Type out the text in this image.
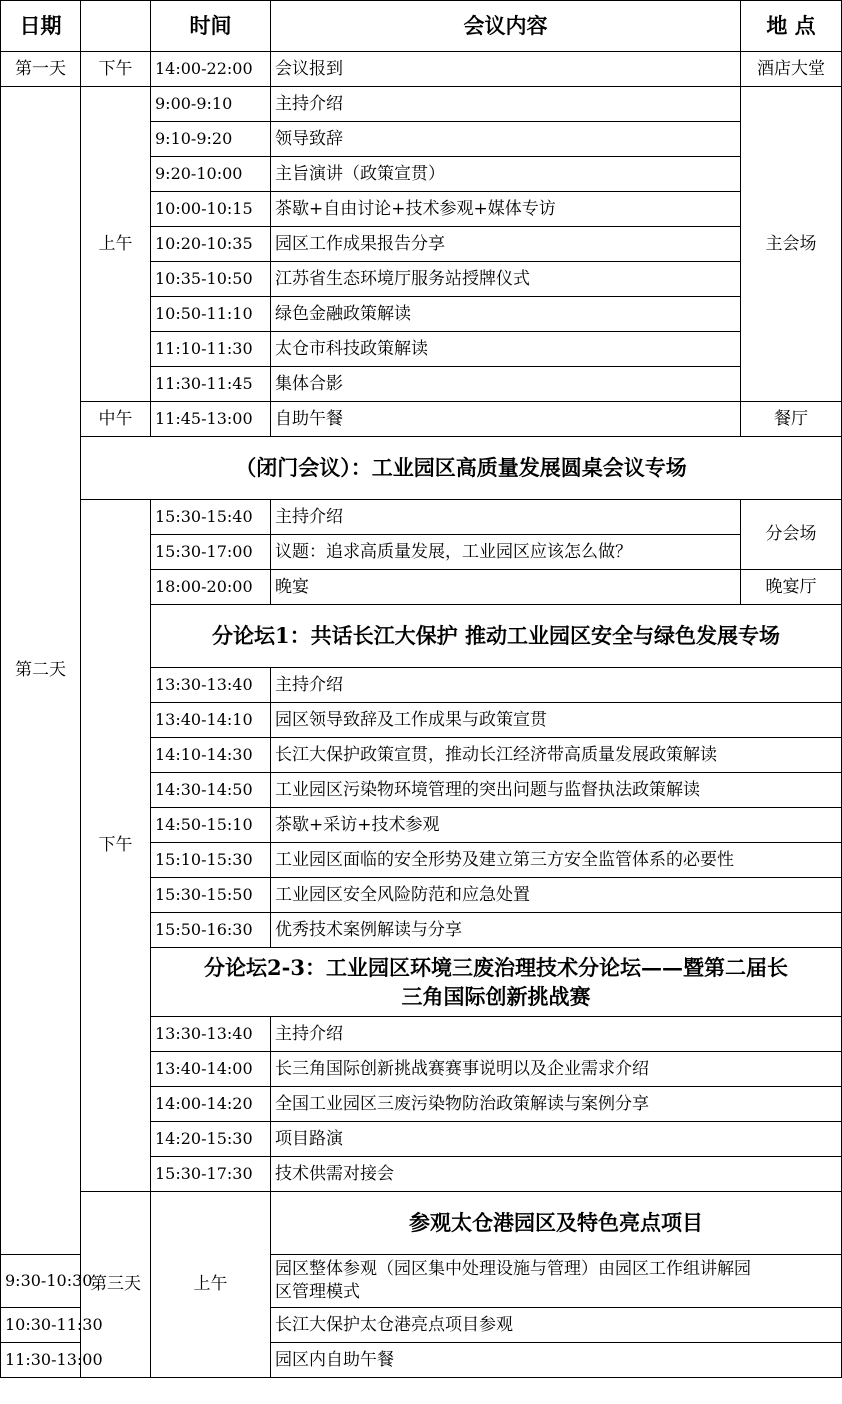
日期		时间	会议内容	地 点
第一天	下午	14:00-22:00	会议报到	酒店大堂
第二天	上午	9:00-9:10	主持介绍	主会场
		9:10-9:20	领导致辞	
		9:20-10:00	主旨演讲（政策宣贯）	
		10:00-10:15	茶歇+自由讨论+技术参观+媒体专访	
		10:20-10:35	园区工作成果报告分享	
		10:35-10:50	江苏省生态环境厅服务站授牌仪式	
		10:50-11:10	绿色金融政策解读	
		11:10-11:30	太仓市科技政策解读	
		11:30-11:45	集体合影	
	中午	11:45-13:00	自助午餐	餐厅
	（闭门会议）：工业园区高质量发展圆桌会议专场			
	下午	15:30-15:40	主持介绍	分会场
		15:30-17:00	议题：追求高质量发展，工业园区应该怎么做？	
		18:00-20:00	晚宴	晚宴厅
		分论坛1：共话长江大保护 推动工业园区安全与绿色发展专场		
		13:30-13:40	主持介绍	
		13:40-14:10	园区领导致辞及工作成果与政策宣贯	
		14:10-14:30	长江大保护政策宣贯，推动长江经济带高质量发展政策解读	
		14:30-14:50	工业园区污染物环境管理的突出问题与监督执法政策解读	
		14:50-15:10	茶歇+采访+技术参观	
		15:10-15:30	工业园区面临的安全形势及建立第三方安全监管体系的必要性	
		15:30-15:50	工业园区安全风险防范和应急处置	
		15:50-16:30	优秀技术案例解读与分享	
		分论坛2-3：工业园区环境三废治理技术分论坛——暨第二届长
三角国际创新挑战赛		
		13:30-13:40	主持介绍	
		13:40-14:00	长三角国际创新挑战赛赛事说明以及企业需求介绍	
		14:00-14:20	全国工业园区三废污染物防治政策解读与案例分享	
		14:20-15:30	项目路演	
		15:30-17:30	技术供需对接会	
	第三天	上午	参观太仓港园区及特色亮点项目	
9:30-10:30			园区整体参观（园区集中处理设施与管理）由园区工作组讲解园
区管理模式	
10:30-11:30			长江大保护太仓港亮点项目参观	
11:30-13:00			园区内自助午餐	
